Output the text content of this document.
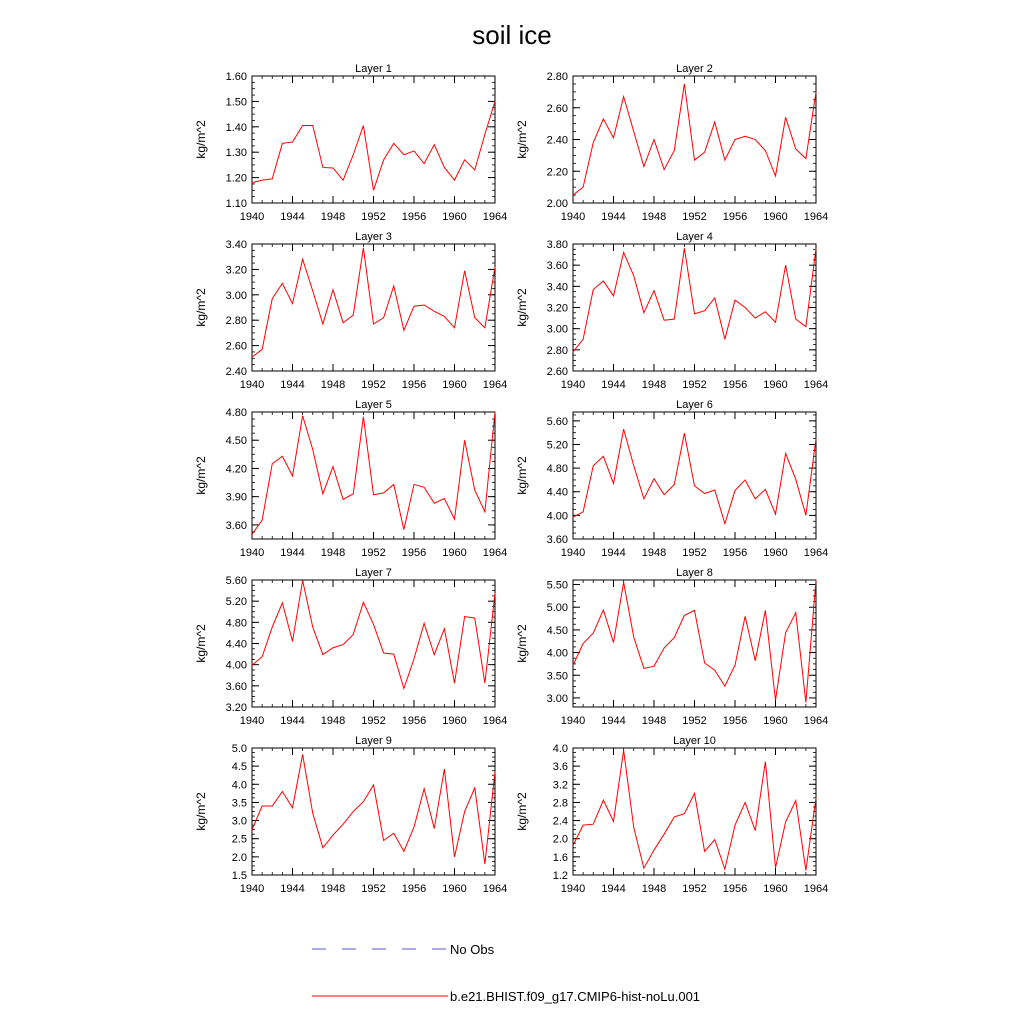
soil ice
Layer 1
kg/m^2
1940 1944 1948 1952 1956 1960 1964
1.10
1.20
1.30
1.40
1.50
1.60
Layer 2
kg/m^2
1940 1944 1948 1952 1956 1960 1964
2.00
2.20
2.40
2.60
2.80
Layer 3
kg/m^2
1940 1944 1948 1952 1956 1960 1964
2.40
2.60
2.80
3.00
3.20
3.40
Layer 4
kg/m^2
1940 1944 1948 1952 1956 1960 1964
2.60
2.80
3.00
3.20
3.40
3.60
3.80
Layer 5
kg/m^2
1940 1944 1948 1952 1956 1960 1964
3.60
3.90
4.20
4.50
4.80
Layer 6
kg/m^2
1940 1944 1948 1952 1956 1960 1964
3.60
4.00
4.40
4.80
5.20
5.60
Layer 7
kg/m^2
1940 1944 1948 1952 1956 1960 1964
3.20
3.60
4.00
4.40
4.80
5.20
5.60
Layer 8
kg/m^2
1940 1944 1948 1952 1956 1960 1964
3.00
3.50
4.00
4.50
5.00
5.50
Layer 9
kg/m^2
1940 1944 1948 1952 1956 1960 1964
1.5
2.0
2.5
3.0
3.5
4.0
4.5
5.0
Layer 10
kg/m^2
1940 1944 1948 1952 1956 1960 1964
1.2
1.6
2.0
2.4
2.8
3.2
3.6
4.0
No Obs
b.e21.BHIST.f09_g17.CMIP6-hist-noLu.001
